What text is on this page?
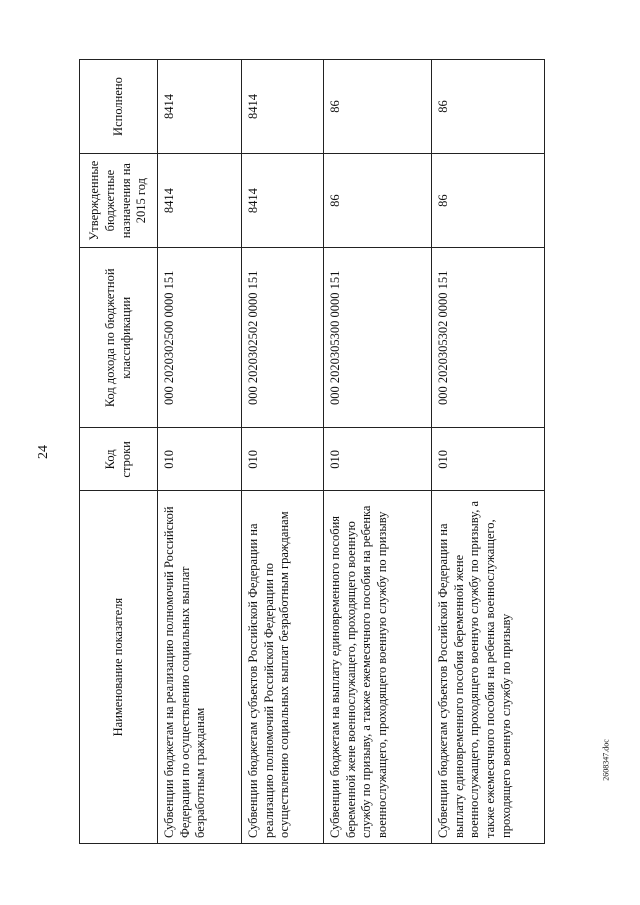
24
Наименование показателя	Код строки	Код дохода по бюджетной классификации	Утвержденные бюджетные назначения на 2015 год	Исполнено
Субвенции бюджетам на реализацию полномочий Российской Федерации по осуществлению социальных выплат безработным гражданам	010	000 2020302500 0000 151	8414	8414
Субвенции бюджетам субъектов Российской Федерации на реализацию полномочий Российской Федерации по осуществлению социальных выплат безработным гражданам	010	000 2020302502 0000 151	8414	8414
Субвенции бюджетам на выплату единовременного пособия беременной жене военнослужащего, проходящего военную службу по призыву, а также ежемесячного пособия на ребенка военнослужащего, проходящего военную службу по призыву	010	000 2020305300 0000 151	86	86
Субвенции бюджетам субъектов Российской Федерации на выплату единовременного пособия беременной жене военнослужащего, проходящего военную службу по призыву, а также ежемесячного пособия на ребенка военнослужащего, проходящего военную службу по призыву	010	000 2020305302 0000 151	86	86
2608347.doc
